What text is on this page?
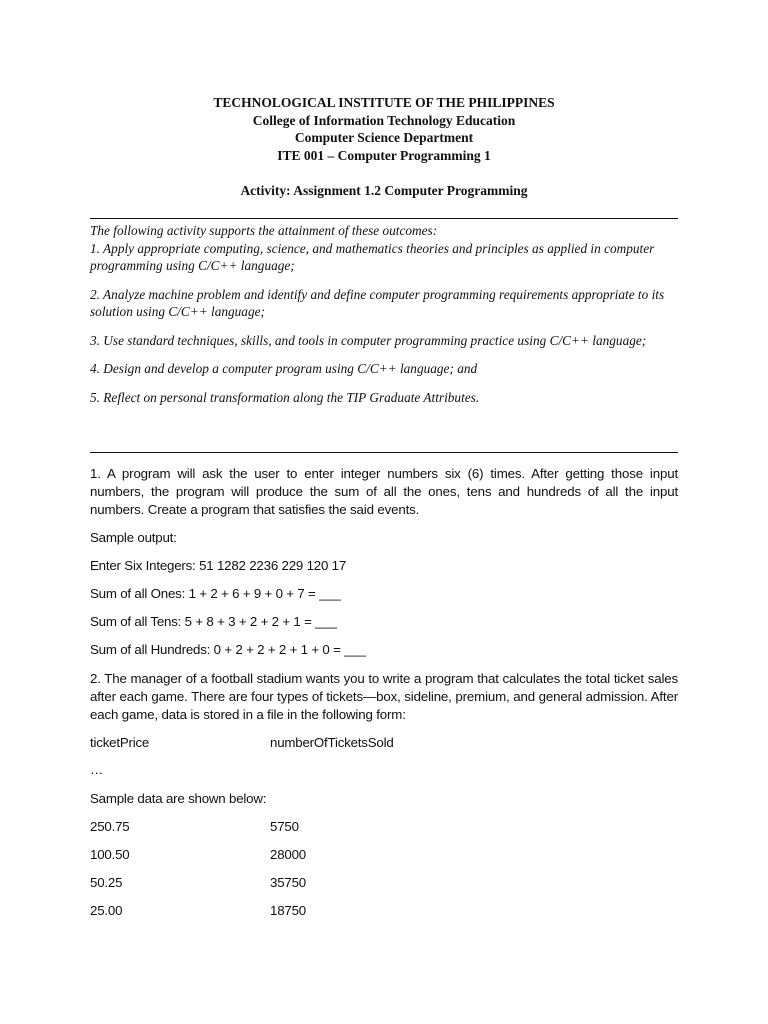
TECHNOLOGICAL INSTITUTE OF THE PHILIPPINES
College of Information Technology Education
Computer Science Department
ITE 001 – Computer Programming 1
Activity: Assignment 1.2 Computer Programming

The following activity supports the attainment of these outcomes:

1. Apply appropriate computing, science, and mathematics theories and principles as applied in computer programming using C/C++ language;

2. Analyze machine problem and identify and define computer programming requirements appropriate to its solution using C/C++ language;

3. Use standard techniques, skills, and tools in computer programming practice using C/C++ language;

4. Design and develop a computer program using C/C++ language; and

5. Reflect on personal transformation along the TIP Graduate Attributes.

1. A program will ask the user to enter integer numbers six (6) times. After getting those input numbers, the program will produce the sum of all the ones, tens and hundreds of all the input numbers. Create a program that satisfies the said events.
Sample output:
Enter Six Integers: 51 1282 2236 229 120 17
Sum of all Ones: 1 + 2 + 6 + 9 + 0 + 7 = ___
Sum of all Tens: 5 + 8 + 3 + 2 + 2 + 1 = ___
Sum of all Hundreds: 0 + 2 + 2 + 2 + 1 + 0 = ___
2. The manager of a football stadium wants you to write a program that calculates the total ticket sales after each game. There are four types of tickets—box, sideline, premium, and general admission. After each game, data is stored in a file in the following form:
ticketPrice	numberOfTicketsSold
…
Sample data are shown below:
250.75	5750
100.50	28000
50.25	35750
25.00	18750
